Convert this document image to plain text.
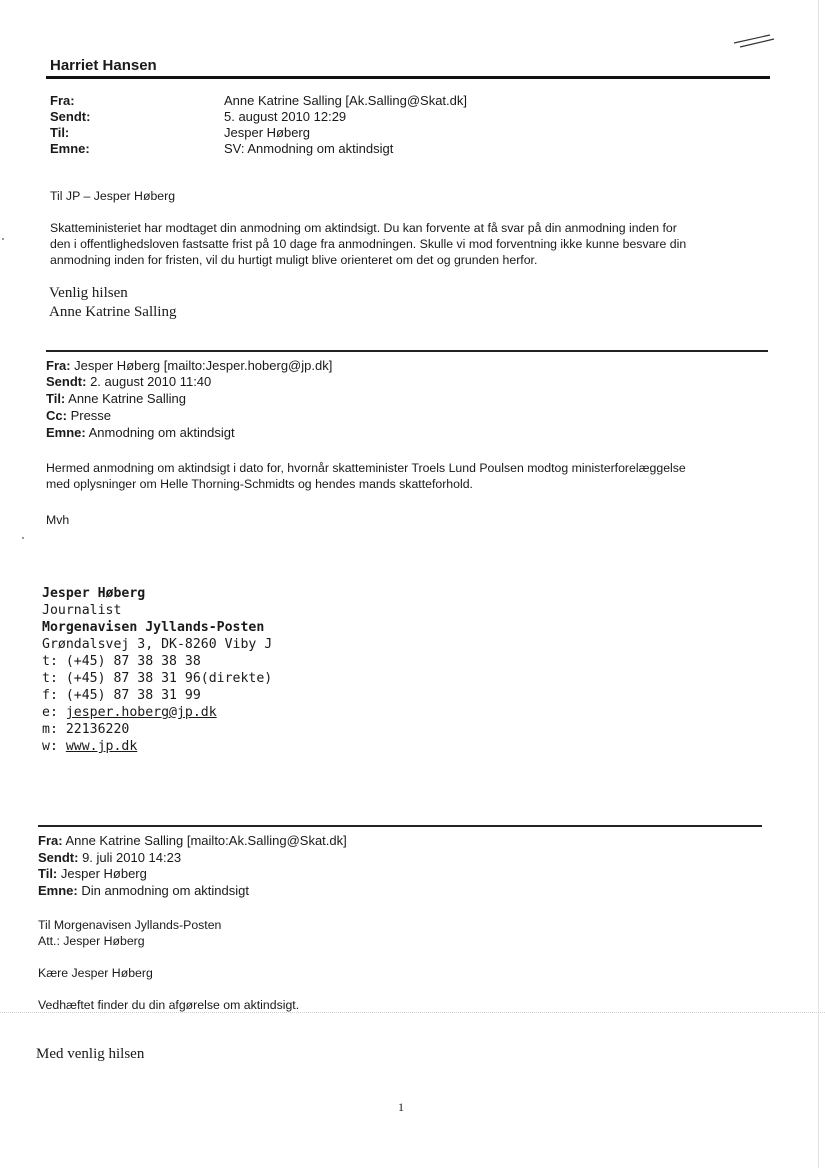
Harriet Hansen
Fra:
Sendt:
Til:
Emne:
Anne Katrine Salling [Ak.Salling@Skat.dk]
5. august 2010 12:29
Jesper Høberg
SV: Anmodning om aktindsigt
Til JP – Jesper Høberg
Skatteministeriet har modtaget din anmodning om aktindsigt. Du kan forvente at få svar på din anmodning inden for
den i offentlighedsloven fastsatte frist på 10 dage fra anmodningen. Skulle vi mod forventning ikke kunne besvare din
anmodning inden for fristen, vil du hurtigt muligt blive orienteret om det og grunden herfor.
Venlig hilsen
Anne Katrine Salling
Fra: Jesper Høberg [mailto:Jesper.hoberg@jp.dk]
Sendt: 2. august 2010 11:40
Til: Anne Katrine Salling
Cc: Presse
Emne: Anmodning om aktindsigt
Hermed anmodning om aktindsigt i dato for, hvornår skatteminister Troels Lund Poulsen modtog ministerforelæggelse
med oplysninger om Helle Thorning-Schmidts og hendes mands skatteforhold.
Mvh
Jesper Høberg
Journalist
Morgenavisen Jyllands-Posten
Grøndalsvej 3, DK-8260 Viby J
t: (+45) 87 38 38 38
t: (+45) 87 38 31 96(direkte)
f: (+45) 87 38 31 99
e: jesper.hoberg@jp.dk
m: 22136220
w: www.jp.dk
Fra: Anne Katrine Salling [mailto:Ak.Salling@Skat.dk]
Sendt: 9. juli 2010 14:23
Til: Jesper Høberg
Emne: Din anmodning om aktindsigt
Til Morgenavisen Jyllands-Posten
Att.: Jesper Høberg
Kære Jesper Høberg
Vedhæftet finder du din afgørelse om aktindsigt.
Med venlig hilsen
1
